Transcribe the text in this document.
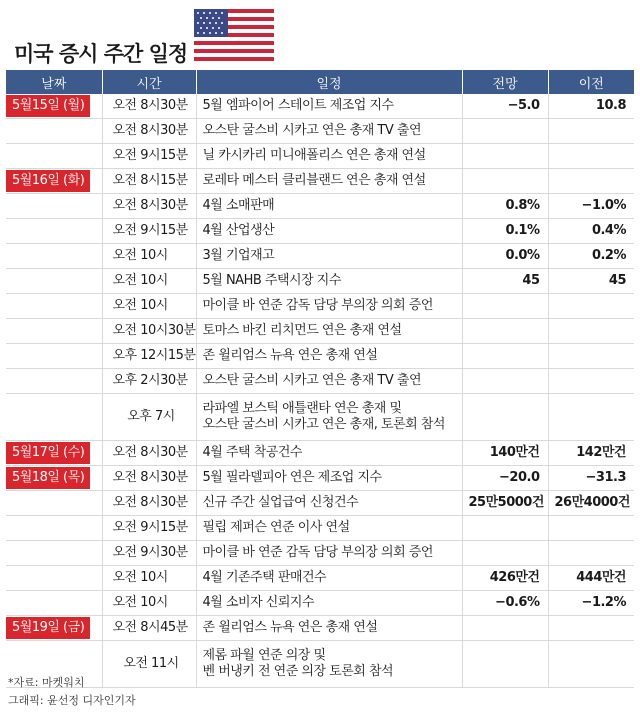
미국 증시 주간 일정
날짜	시간	일정	전망	이전
5월15일 (월)	오전 8시30분	5월 엠파이어 스테이트 제조업 지수	−5.0	10.8
	오전 8시30분	오스탄 굴스비 시카고 연은 총재 TV 출연		

	오전 9시15분	닐 카시카리 미니애폴리스 연은 총재 연설		

5월16일 (화)	오전 8시15분	로레타 메스터 클리블랜드 연은 총재 연설		

	오전 8시30분	4월 소매판매	0.8%	−1.0%
	오전 9시15분	4월 산업생산	0.1%	0.4%
	오전 10시	3월 기업재고	0.0%	0.2%
	오전 10시	5월 NAHB 주택시장 지수	45	45
	오전 10시	마이클 바 연준 감독 담당 부의장 의회 증언		

	오전 10시30분	토마스 바킨 리치먼드 연은 총재 연설		

	오후 12시15분	존 윌리엄스 뉴욕 연은 총재 연설		

	오후 2시30분	오스탄 굴스비 시카고 연은 총재 TV 출연		

	오후 7시	라파엘 보스틱 애틀랜타 연은 총재 및
오스탄 굴스비 시카고 연은 총재, 토론회 참석		

5월17일 (수)	오전 8시30분	4월 주택 착공건수	140만건	142만건
5월18일 (목)	오전 8시30분	5월 필라델피아 연은 제조업 지수	−20.0	−31.3
	오전 8시30분	신규 주간 실업급여 신청건수	25만5000건	26만4000건
	오전 9시15분	필립 제퍼슨 연준 이사 연설		

	오전 9시30분	마이클 바 연준 감독 담당 부의장 의회 증언		

	오전 10시	4월 기존주택 판매건수	426만건	444만건
	오전 10시	4월 소비자 신뢰지수	−0.6%	−1.2%
5월19일 (금)	오전 8시45분	존 윌리엄스 뉴욕 연은 총재 연설		

	오전 11시	제롬 파월 연준 의장 및
벤 버냉키 전 연준 의장 토론회 참석		

*자료: 마켓워치
그래픽: 윤선정 디자인기자
